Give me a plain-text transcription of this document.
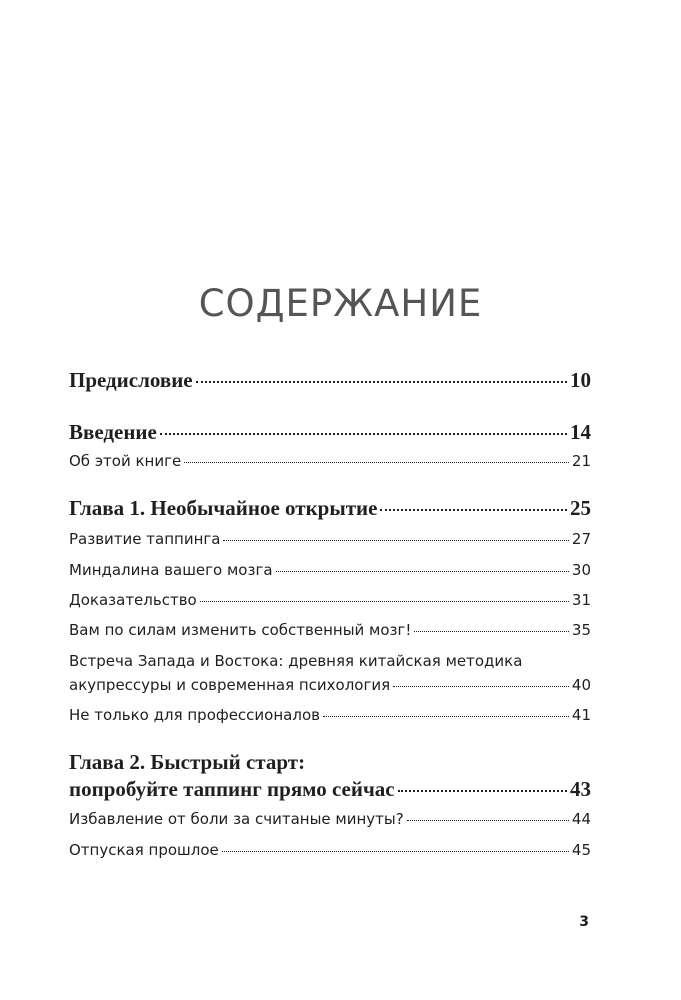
СОДЕРЖАНИЕ
Предисловие	10
Введение	14
Об этой книге	21
Глава 1. Необычайное открытие	25
Развитие таппинга	27
Миндалина вашего мозга	30
Доказательство	31
Вам по силам изменить собственный мозг!	35
Встреча Запада и Востока: древняя китайская методика
акупрессуры и современная психология	40
Не только для профессионалов	41
Глава 2. Быстрый старт:
попробуйте таппинг прямо сейчас	43
Избавление от боли за считаные минуты?	44
Отпуская прошлое	45
3
